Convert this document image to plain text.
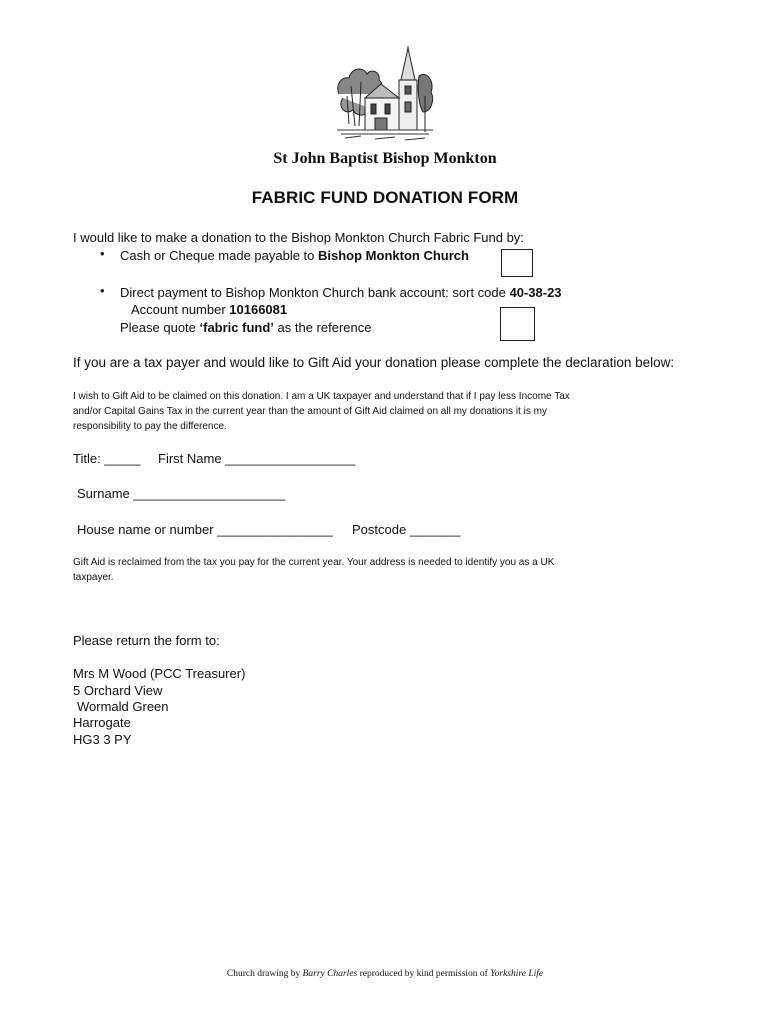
St John Baptist Bishop Monkton
FABRIC FUND DONATION FORM
I would like to make a donation to the Bishop Monkton Church Fabric Fund by:
• Cash or Cheque made payable to Bishop Monkton Church
• Direct payment to Bishop Monkton Church bank account: sort code 40-38-23
Account number 10166081
Please quote ‘fabric fund’ as the reference
If you are a tax payer and would like to Gift Aid your donation please complete the declaration below:
I wish to Gift Aid to be claimed on this donation. I am a UK taxpayer and understand that if I pay less Income Tax
and/or Capital Gains Tax in the current year than the amount of Gift Aid claimed on all my donations it is my
responsibility to pay the difference.
Title: _____ First Name __________________
Surname _____________________
House name or number ________________ Postcode _______
Gift Aid is reclaimed from the tax you pay for the current year. Your address is needed to identify you as a UK
taxpayer.
Please return the form to:
Mrs M Wood (PCC Treasurer)
5 Orchard View
Wormald Green
Harrogate
HG3 3 PY
Church drawing by Barry Charles reproduced by kind permission of Yorkshire Life
